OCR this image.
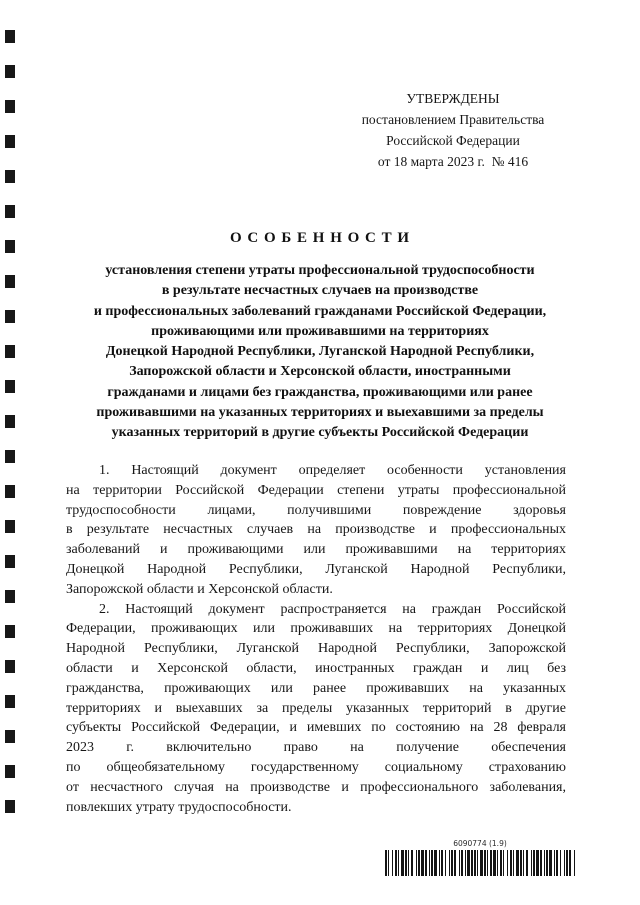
УТВЕРЖДЕНЫ
постановлением Правительства
Российской Федерации
от 18 марта 2023 г.  № 416
О С О Б Е Н Н О С Т И
установления степени утраты профессиональной трудоспособности
в результате несчастных случаев на производстве
и профессиональных заболеваний гражданами Российской Федерации,
проживающими или проживавшими на территориях
Донецкой Народной Республики, Луганской Народной Республики,
Запорожской области и Херсонской области, иностранными
гражданами и лицами без гражданства, проживающими или ранее
проживавшими на указанных территориях и выехавшими за пределы
указанных территорий в другие субъекты Российской Федерации
1. Настоящий документ определяет особенности установления
на территории Российской Федерации степени утраты профессиональной
трудоспособности лицами, получившими повреждение здоровья
в результате несчастных случаев на производстве и профессиональных
заболеваний и проживающими или проживавшими на территориях
Донецкой Народной Республики, Луганской Народной Республики,
Запорожской области и Херсонской области.
2. Настоящий документ распространяется на граждан Российской
Федерации, проживающих или проживавших на территориях Донецкой
Народной Республики, Луганской Народной Республики, Запорожской
области и Херсонской области, иностранных граждан и лиц без
гражданства, проживающих или ранее проживавших на указанных
территориях и выехавших за пределы указанных территорий в другие
субъекты Российской Федерации, и имевших по состоянию на 28 февраля
2023 г. включительно право на получение обеспечения
по общеобязательному государственному социальному страхованию
от несчастного случая на производстве и профессионального заболевания,
повлекших утрату трудоспособности.
6090774 (1.9)
